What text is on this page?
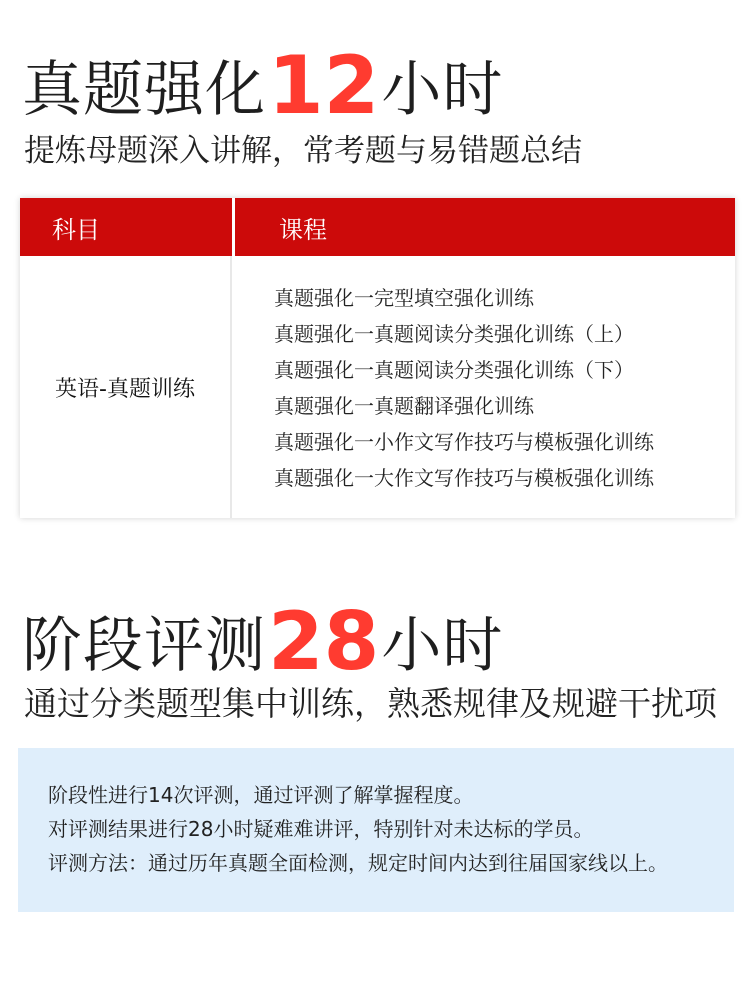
真题强化 12 小时
提炼母题深入讲解，常考题与易错题总结
科目	课程
英语-真题训练
真题强化一完型填空强化训练
真题强化一真题阅读分类强化训练（上）
真题强化一真题阅读分类强化训练（下）
真题强化一真题翻译强化训练
真题强化一小作文写作技巧与模板强化训练
真题强化一大作文写作技巧与模板强化训练
阶段评测 28 小时
通过分类题型集中训练，熟悉规律及规避干扰项
阶段性进行14次评测，通过评测了解掌握程度。
对评测结果进行28小时疑难难讲评，特别针对未达标的学员。
评测方法：通过历年真题全面检测，规定时间内达到往届国家线以上。
